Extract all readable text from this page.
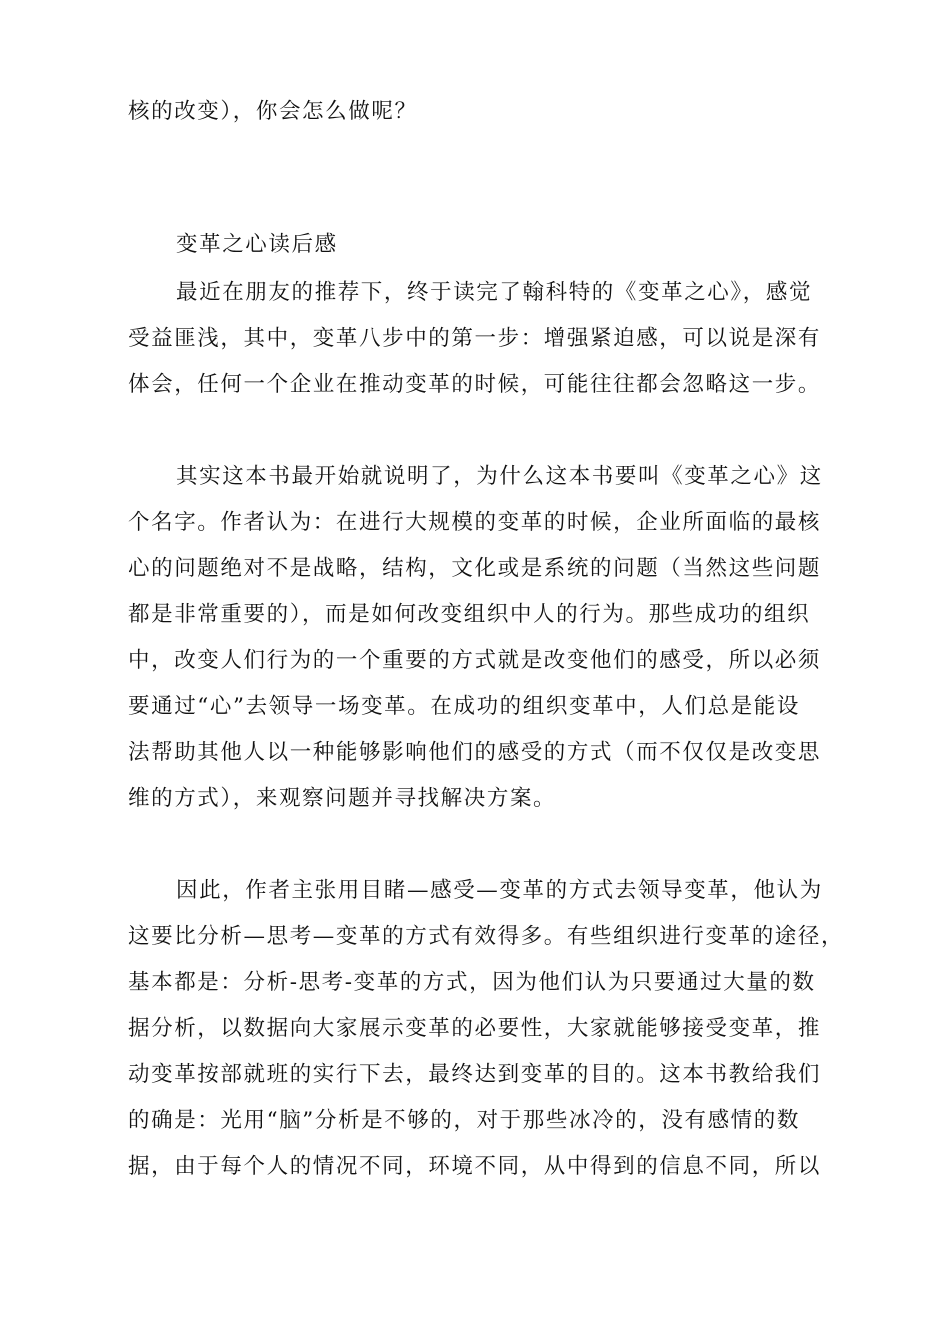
核的改变），你会怎么做呢？
变革之心读后感
最近在朋友的推荐下，终于读完了翰科特的《变革之心》，感觉
受益匪浅，其中，变革八步中的第一步：增强紧迫感，可以说是深有
体会，任何一个企业在推动变革的时候，可能往往都会忽略这一步。
其实这本书最开始就说明了，为什么这本书要叫《变革之心》这
个名字。作者认为：在进行大规模的变革的时候，企业所面临的最核
心的问题绝对不是战略，结构，文化或是系统的问题（当然这些问题
都是非常重要的），而是如何改变组织中人的行为。那些成功的组织
中，改变人们行为的一个重要的方式就是改变他们的感受，所以必须
要通过“心”去领导一场变革。在成功的组织变革中，人们总是能设
法帮助其他人以一种能够影响他们的感受的方式（而不仅仅是改变思
维的方式），来观察问题并寻找解决方案。
因此，作者主张用目睹—感受—变革的方式去领导变革，他认为
这要比分析—思考—变革的方式有效得多。有些组织进行变革的途径，
基本都是：分析-思考-变革的方式，因为他们认为只要通过大量的数
据分析，以数据向大家展示变革的必要性，大家就能够接受变革，推
动变革按部就班的实行下去，最终达到变革的目的。这本书教给我们
的确是：光用“脑”分析是不够的，对于那些冰冷的，没有感情的数
据，由于每个人的情况不同，环境不同，从中得到的信息不同，所以
